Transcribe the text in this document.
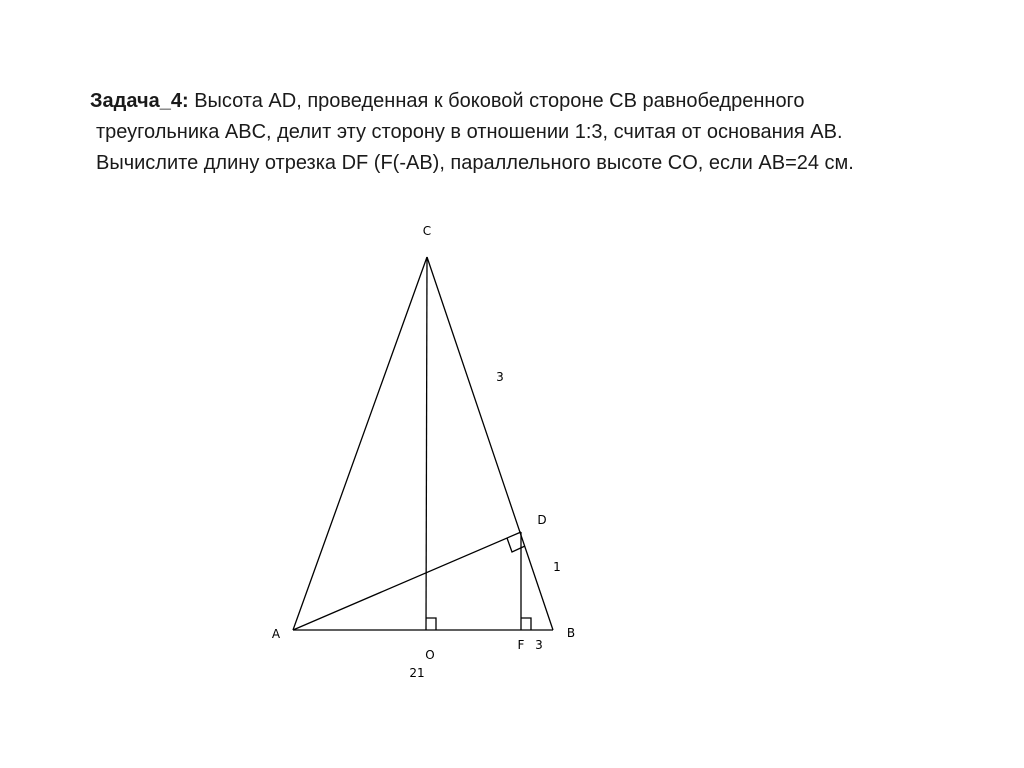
Задача_4: Высота AD, проведенная к боковой стороне CB равнобедренного
треугольника ABC, делит эту сторону в отношении 1:3, считая от основания AB.
Вычислите длину отрезка DF (F(-AB), параллельного высоте CO, если AB=24 см.
C
A	B
D
O
F
3
1
3
21
